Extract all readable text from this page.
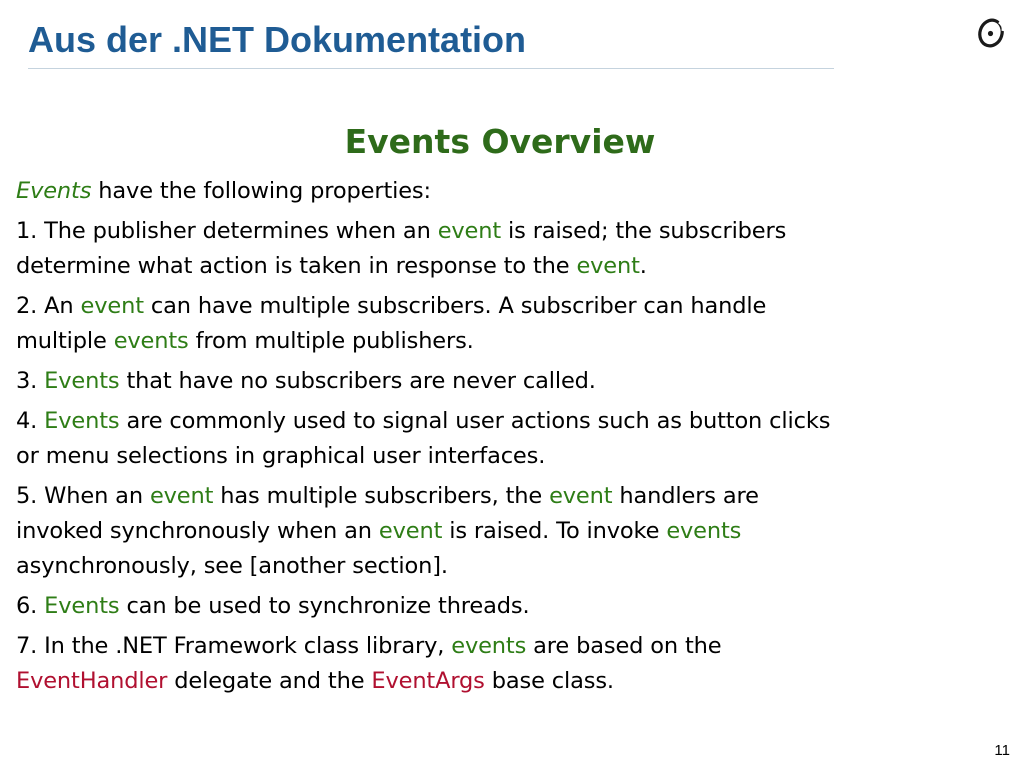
Aus der .NET Dokumentation
Events Overview

Events have the following properties:

1. The publisher determines when an event is raised; the subscribers

determine what action is taken in response to the event.

2. An event can have multiple subscribers. A subscriber can handle

multiple events from multiple publishers.

3. Events that have no subscribers are never called.

4. Events are commonly used to signal user actions such as button clicks

or menu selections in graphical user interfaces.

5. When an event has multiple subscribers, the event handlers are

invoked synchronously when an event is raised. To invoke events

asynchronously, see [another section].

6. Events can be used to synchronize threads.

7. In the .NET Framework class library, events are based on the

EventHandler delegate and the EventArgs base class.

11
